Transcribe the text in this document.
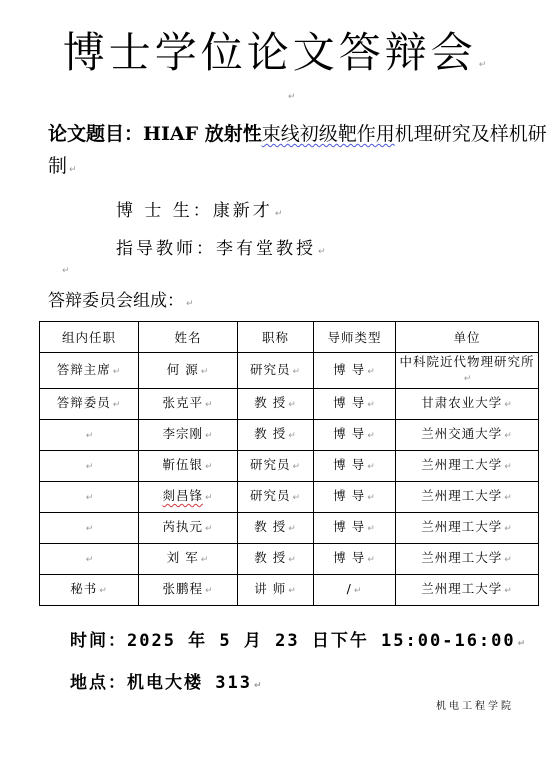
博士学位论文答辩会 ↵
↵
论文题目：HIAF 放射性束线初级靶作用机理研究及样机研制 ↵
博 士 生：康新才 ↵
指导教师：李有堂教授 ↵
↵
答辩委员会组成： ↵
组内任职	姓名	职称	导师类型	单位
答辩主席 ↵	何 源 ↵	研究员 ↵	博 导 ↵	中科院近代物理研究所↵
答辩委员 ↵	张克平 ↵	教 授 ↵	博 导 ↵	甘肃农业大学 ↵
↵	李宗刚 ↵	教 授 ↵	博 导 ↵	兰州交通大学 ↵
↵	靳伍银 ↵	研究员 ↵	博 导 ↵	兰州理工大学 ↵
↵	剡昌锋 ↵	研究员 ↵	博 导 ↵	兰州理工大学 ↵
↵	芮执元 ↵	教 授 ↵	博 导 ↵	兰州理工大学 ↵
↵	刘 军 ↵	教 授 ↵	博 导 ↵	兰州理工大学 ↵
秘书 ↵	张鹏程 ↵	讲 师 ↵	/ ↵	兰州理工大学 ↵
时间：2025 年 5 月 23 日下午 15:00-16:00 ↵
地点：机电大楼 313 ↵
机电工程学院
